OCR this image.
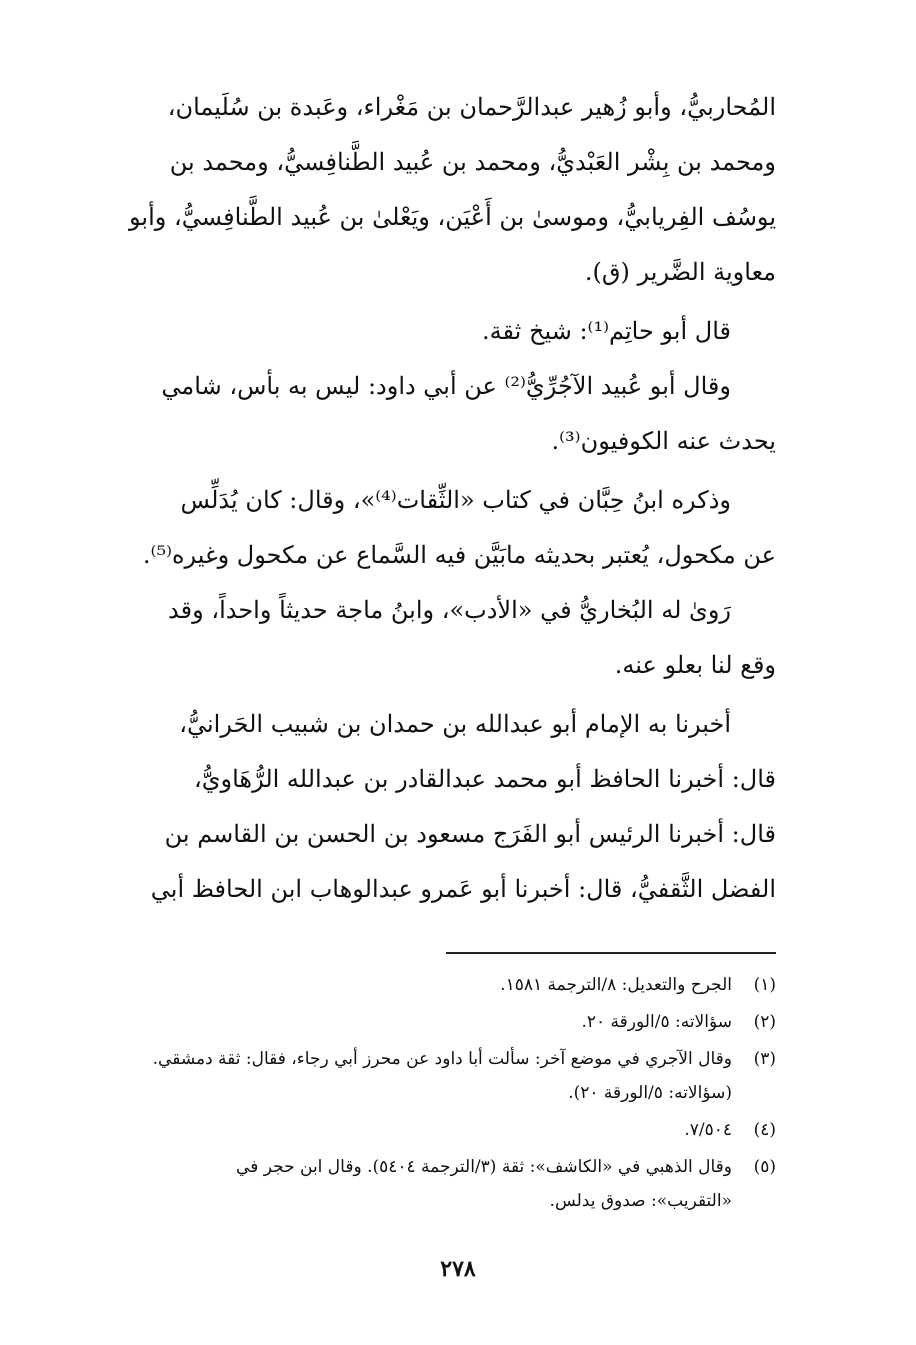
المُحاربيُّ، وأبو زُهير عبدالرَّحمان بن مَغْراء، وعَبدة بن سُلَيمان،
ومحمد بن بِشْر العَبْديُّ، ومحمد بن عُبيد الطَّنافِسيُّ، ومحمد بن
يوسُف الفِريابيُّ، وموسىٰ بن أَعْيَن، ويَعْلىٰ بن عُبيد الطَّنافِسيُّ، وأبو
معاوية الضَّرير (ق).

قال أبو حاتِم⁽¹⁾: شيخ ثقة.

وقال أبو عُبيد الآجُرِّيُّ⁽²⁾ عن أبي داود: ليس به بأس، شامي
يحدث عنه الكوفيون⁽³⁾.

وذكره ابنُ حِبَّان في كتاب «الثِّقات⁽⁴⁾»، وقال: كان يُدَلِّس
عن مكحول، يُعتبر بحديثه مابَيَّن فيه السَّماع عن مكحول وغيره⁽⁵⁾.

رَوىٰ له البُخاريُّ في «الأدب»، وابنُ ماجة حديثاً واحداً، وقد
وقع لنا بعلو عنه.

أخبرنا به الإمام أبو عبدالله بن حمدان بن شبيب الحَرانيُّ،
قال: أخبرنا الحافظ أبو محمد عبدالقادر بن عبدالله الرُّهَاويُّ،
قال: أخبرنا الرئيس أبو الفَرَج مسعود بن الحسن بن القاسم بن
الفضل الثَّقفيُّ، قال: أخبرنا أبو عَمرو عبدالوهاب ابن الحافظ أبي

(١)
الجرح والتعديل: ٨/الترجمة ١٥٨١.
(٢)
سؤالاته: ٥/الورقة ٢٠.
(٣)
وقال الآجري في موضع آخر: سألت أبا داود عن محرز أبي رجاء، فقال: ثقة دمشقي.
(سؤالاته: ٥/الورقة ٢٠).
(٤)
٧/٥٠٤.
(٥)
وقال الذهبي في «الكاشف»: ثقة (٣/الترجمة ٥٤٠٤). وقال ابن حجر في
«التقريب»: صدوق يدلس.
٢٧٨
